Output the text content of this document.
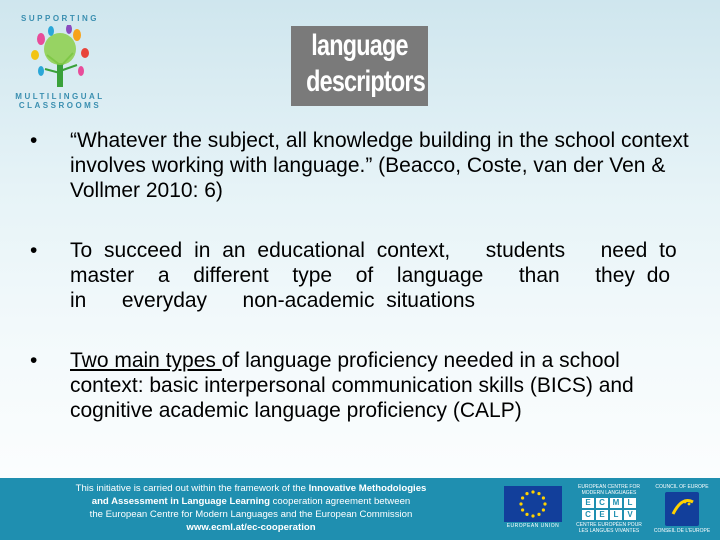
SUPPORTING
MULTILINGUAL
CLASSROOMS
language
descriptors
• “Whatever the subject, all knowledge building in the school context involves working with language.” (Beacco, Coste, van der Ven & Vollmer 2010: 6)
• To succeed in an educational context,   students   need to   master  a  different  type  of  language   than   they do   in   everyday   non-academic situations
• Two main types of language proficiency needed in a school context: basic interpersonal communication skills (BICS) and cognitive academic language proficiency (CALP)
This initiative is carried out within the framework of the Innovative Methodologies
and Assessment in Language Learning cooperation agreement between
the European Centre for Modern Languages and the European Commission
www.ecml.at/ec-cooperation	EUROPEAN UNION
EUROPEAN CENTRE FOR MODERN LANGUAGES
E	C M	L
C	E	L	V
CENTRE EUROPÉEN POUR LES LANGUES VIVANTES
COUNCIL OF EUROPE
CONSEIL DE L'EUROPE
